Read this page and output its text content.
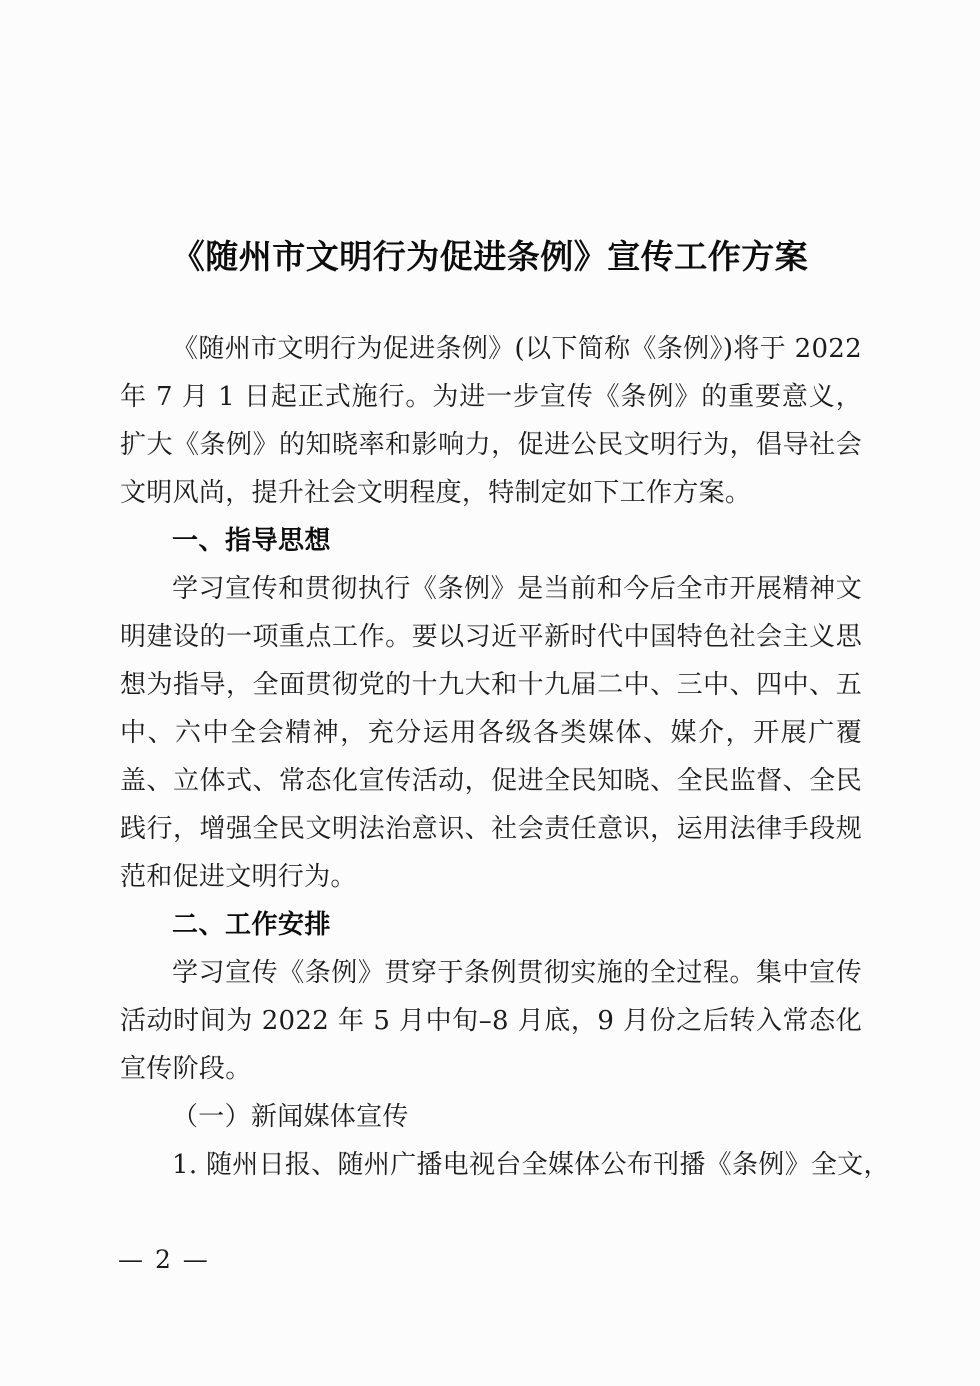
《随州市文明行为促进条例》宣传工作方案

《随州市文明行为促进条例》(以下简称《条例》)将于 2022 年 7 月 1 日起正式施行。为进一步宣传《条例》的重要意义，扩大《条例》的知晓率和影响力，促进公民文明行为，倡导社会文明风尚，提升社会文明程度，特制定如下工作方案。

一、指导思想

学习宣传和贯彻执行《条例》是当前和今后全市开展精神文明建设的一项重点工作。要以习近平新时代中国特色社会主义思想为指导，全面贯彻党的十九大和十九届二中、三中、四中、五中、六中全会精神，充分运用各级各类媒体、媒介，开展广覆盖、立体式、常态化宣传活动，促进全民知晓、全民监督、全民践行，增强全民文明法治意识、社会责任意识，运用法律手段规范和促进文明行为。

二、工作安排

学习宣传《条例》贯穿于条例贯彻实施的全过程。集中宣传活动时间为 2022 年 5 月中旬–8 月底，9 月份之后转入常态化宣传阶段。

（一）新闻媒体宣传

1. 随州日报、随州广播电视台全媒体公布刊播《条例》全文，

— 2 —
